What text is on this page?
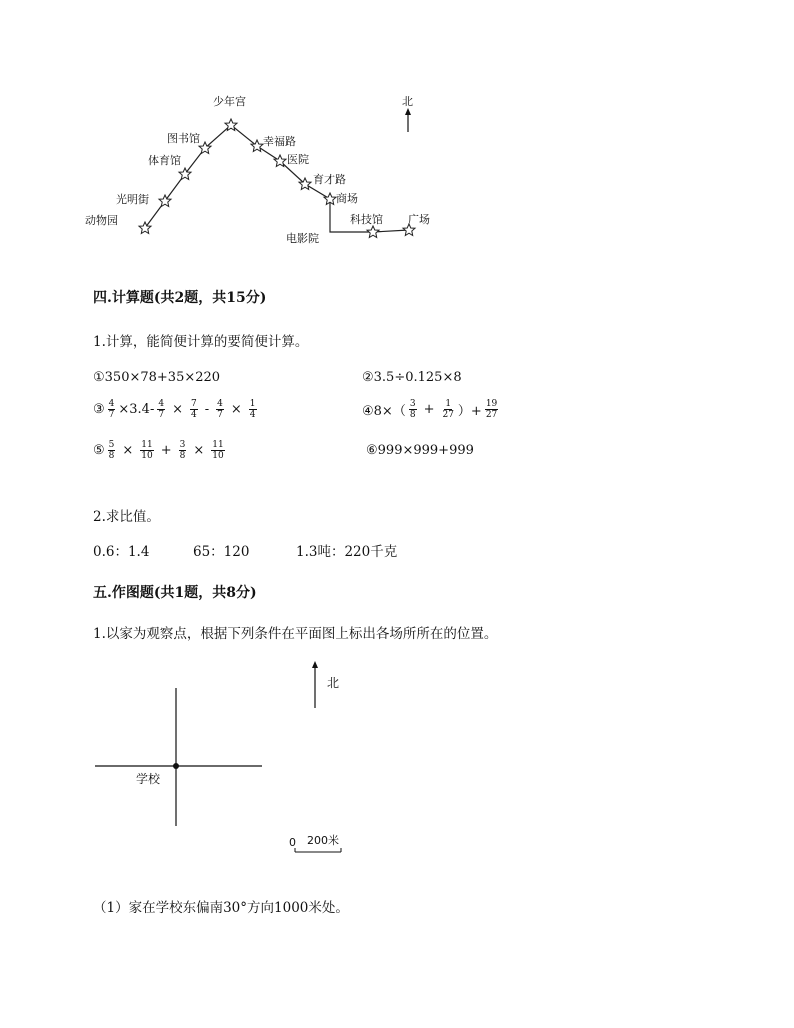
少年宫
图书馆	幸福路
体育馆	医院
育才路
光明街	商场
动物园	科技馆 广场
电影院
北
四.计算题(共2题，共15分)
1.计算，能简便计算的要简便计算。
①350×78+35×220	②3.5÷0.125×8
③ $\frac{4}{7} \times 3.4- \frac{4}{7} \times \frac{7}{4} - \frac{4}{7} \times \frac{1}{4}$	④8×（ $\frac{3}{8} + \frac{1}{27}$ ）+ $\frac{19}{27}$
⑤ $\frac{5}{8} \times \frac{11}{10} + \frac{3}{8} \times \frac{11}{10}$	⑥999×999+999
2.求比值。
0.6：1.4	65：120	1.3吨：220千克
五.作图题(共1题，共8分)
1.以家为观察点，根据下列条件在平面图上标出各场所所在的位置。
学校
北
0 200米
（1）家在学校东偏南30°方向1000米处。
